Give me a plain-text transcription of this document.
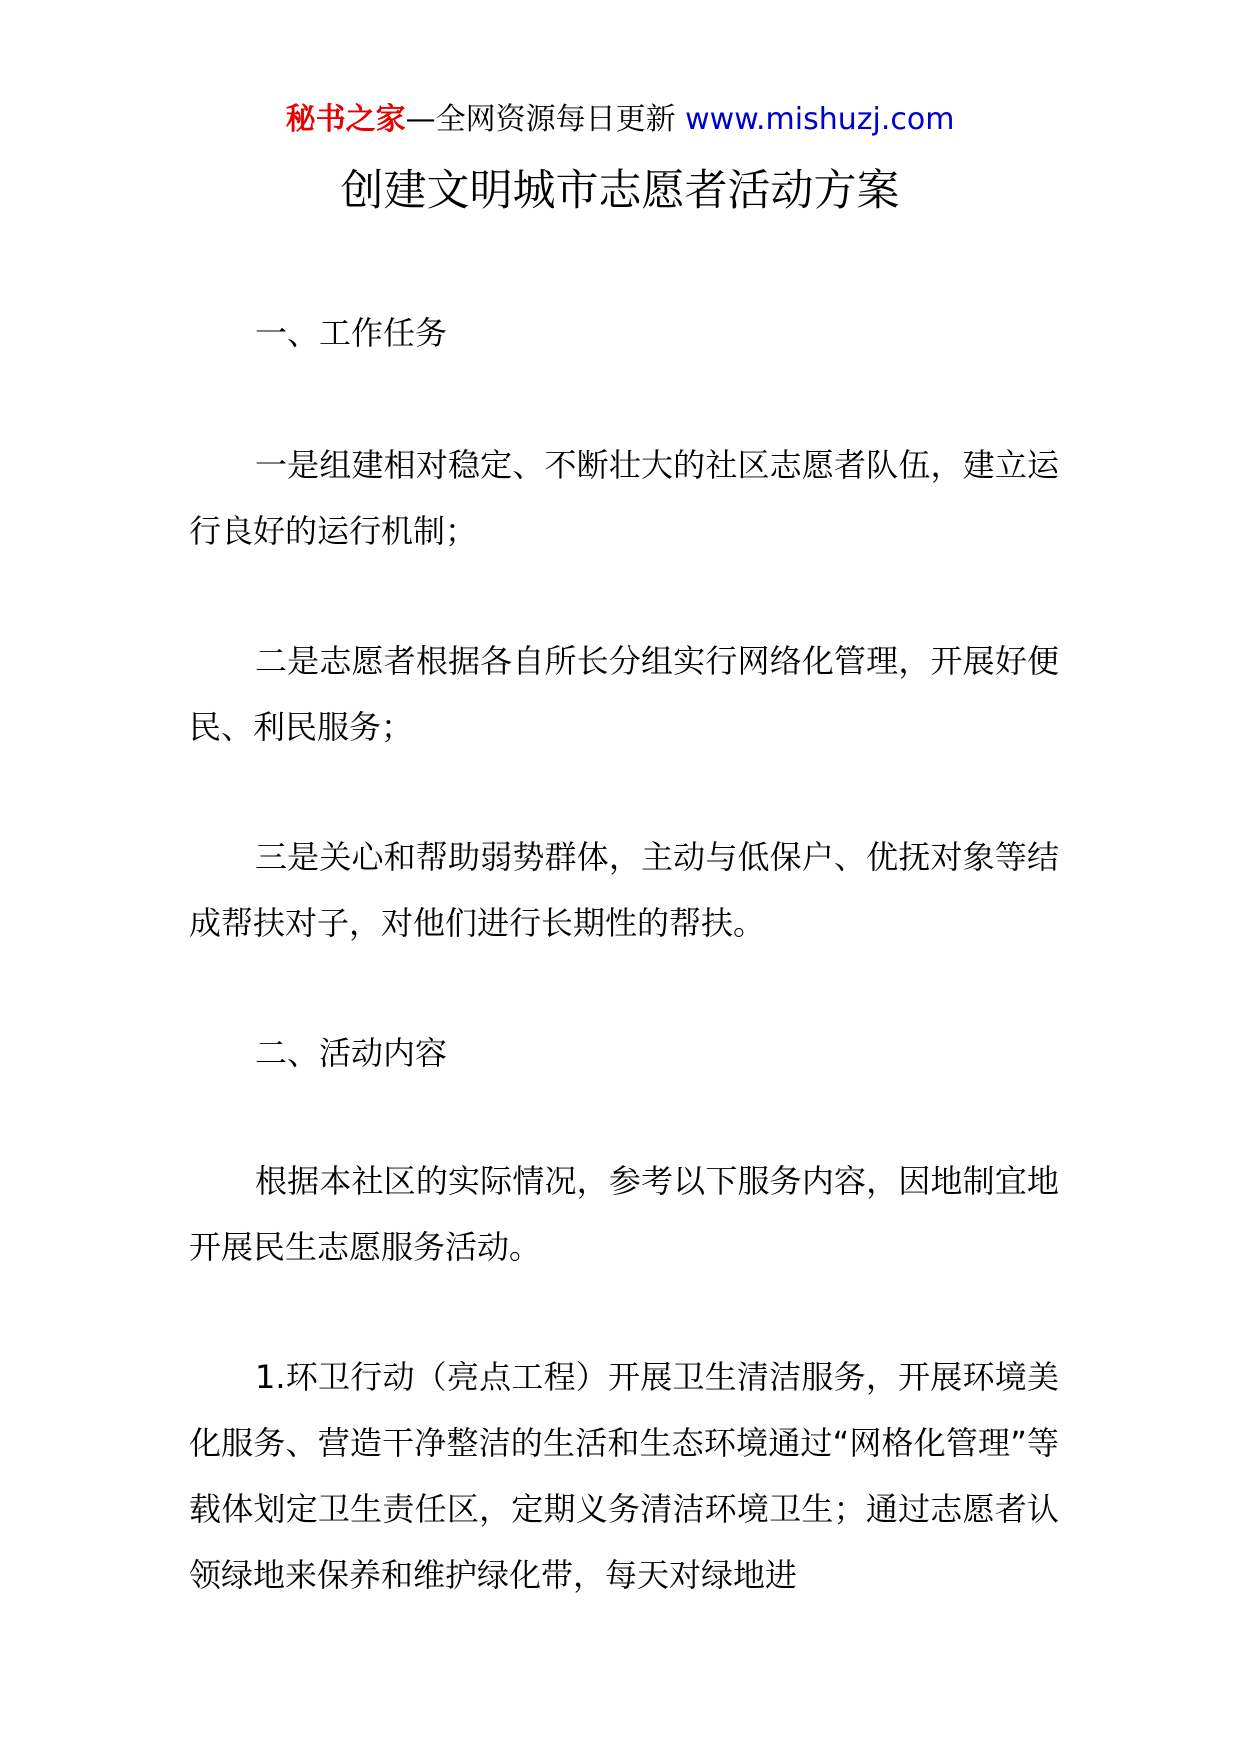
秘书之家—全网资源每日更新 www.mishuzj.com
创建文明城市志愿者活动方案

一、工作任务

一是组建相对稳定、不断壮大的社区志愿者队伍，建立运行良好的运行机制；

二是志愿者根据各自所长分组实行网络化管理，开展好便民、利民服务；

三是关心和帮助弱势群体，主动与低保户、优抚对象等结成帮扶对子，对他们进行长期性的帮扶。

二、活动内容

根据本社区的实际情况，参考以下服务内容，因地制宜地开展民生志愿服务活动。

1.环卫行动（亮点工程）开展卫生清洁服务，开展环境美化服务、营造干净整洁的生活和生态环境通过“网格化管理”等载体划定卫生责任区，定期义务清洁环境卫生；通过志愿者认领绿地来保养和维护绿化带，每天对绿地进
